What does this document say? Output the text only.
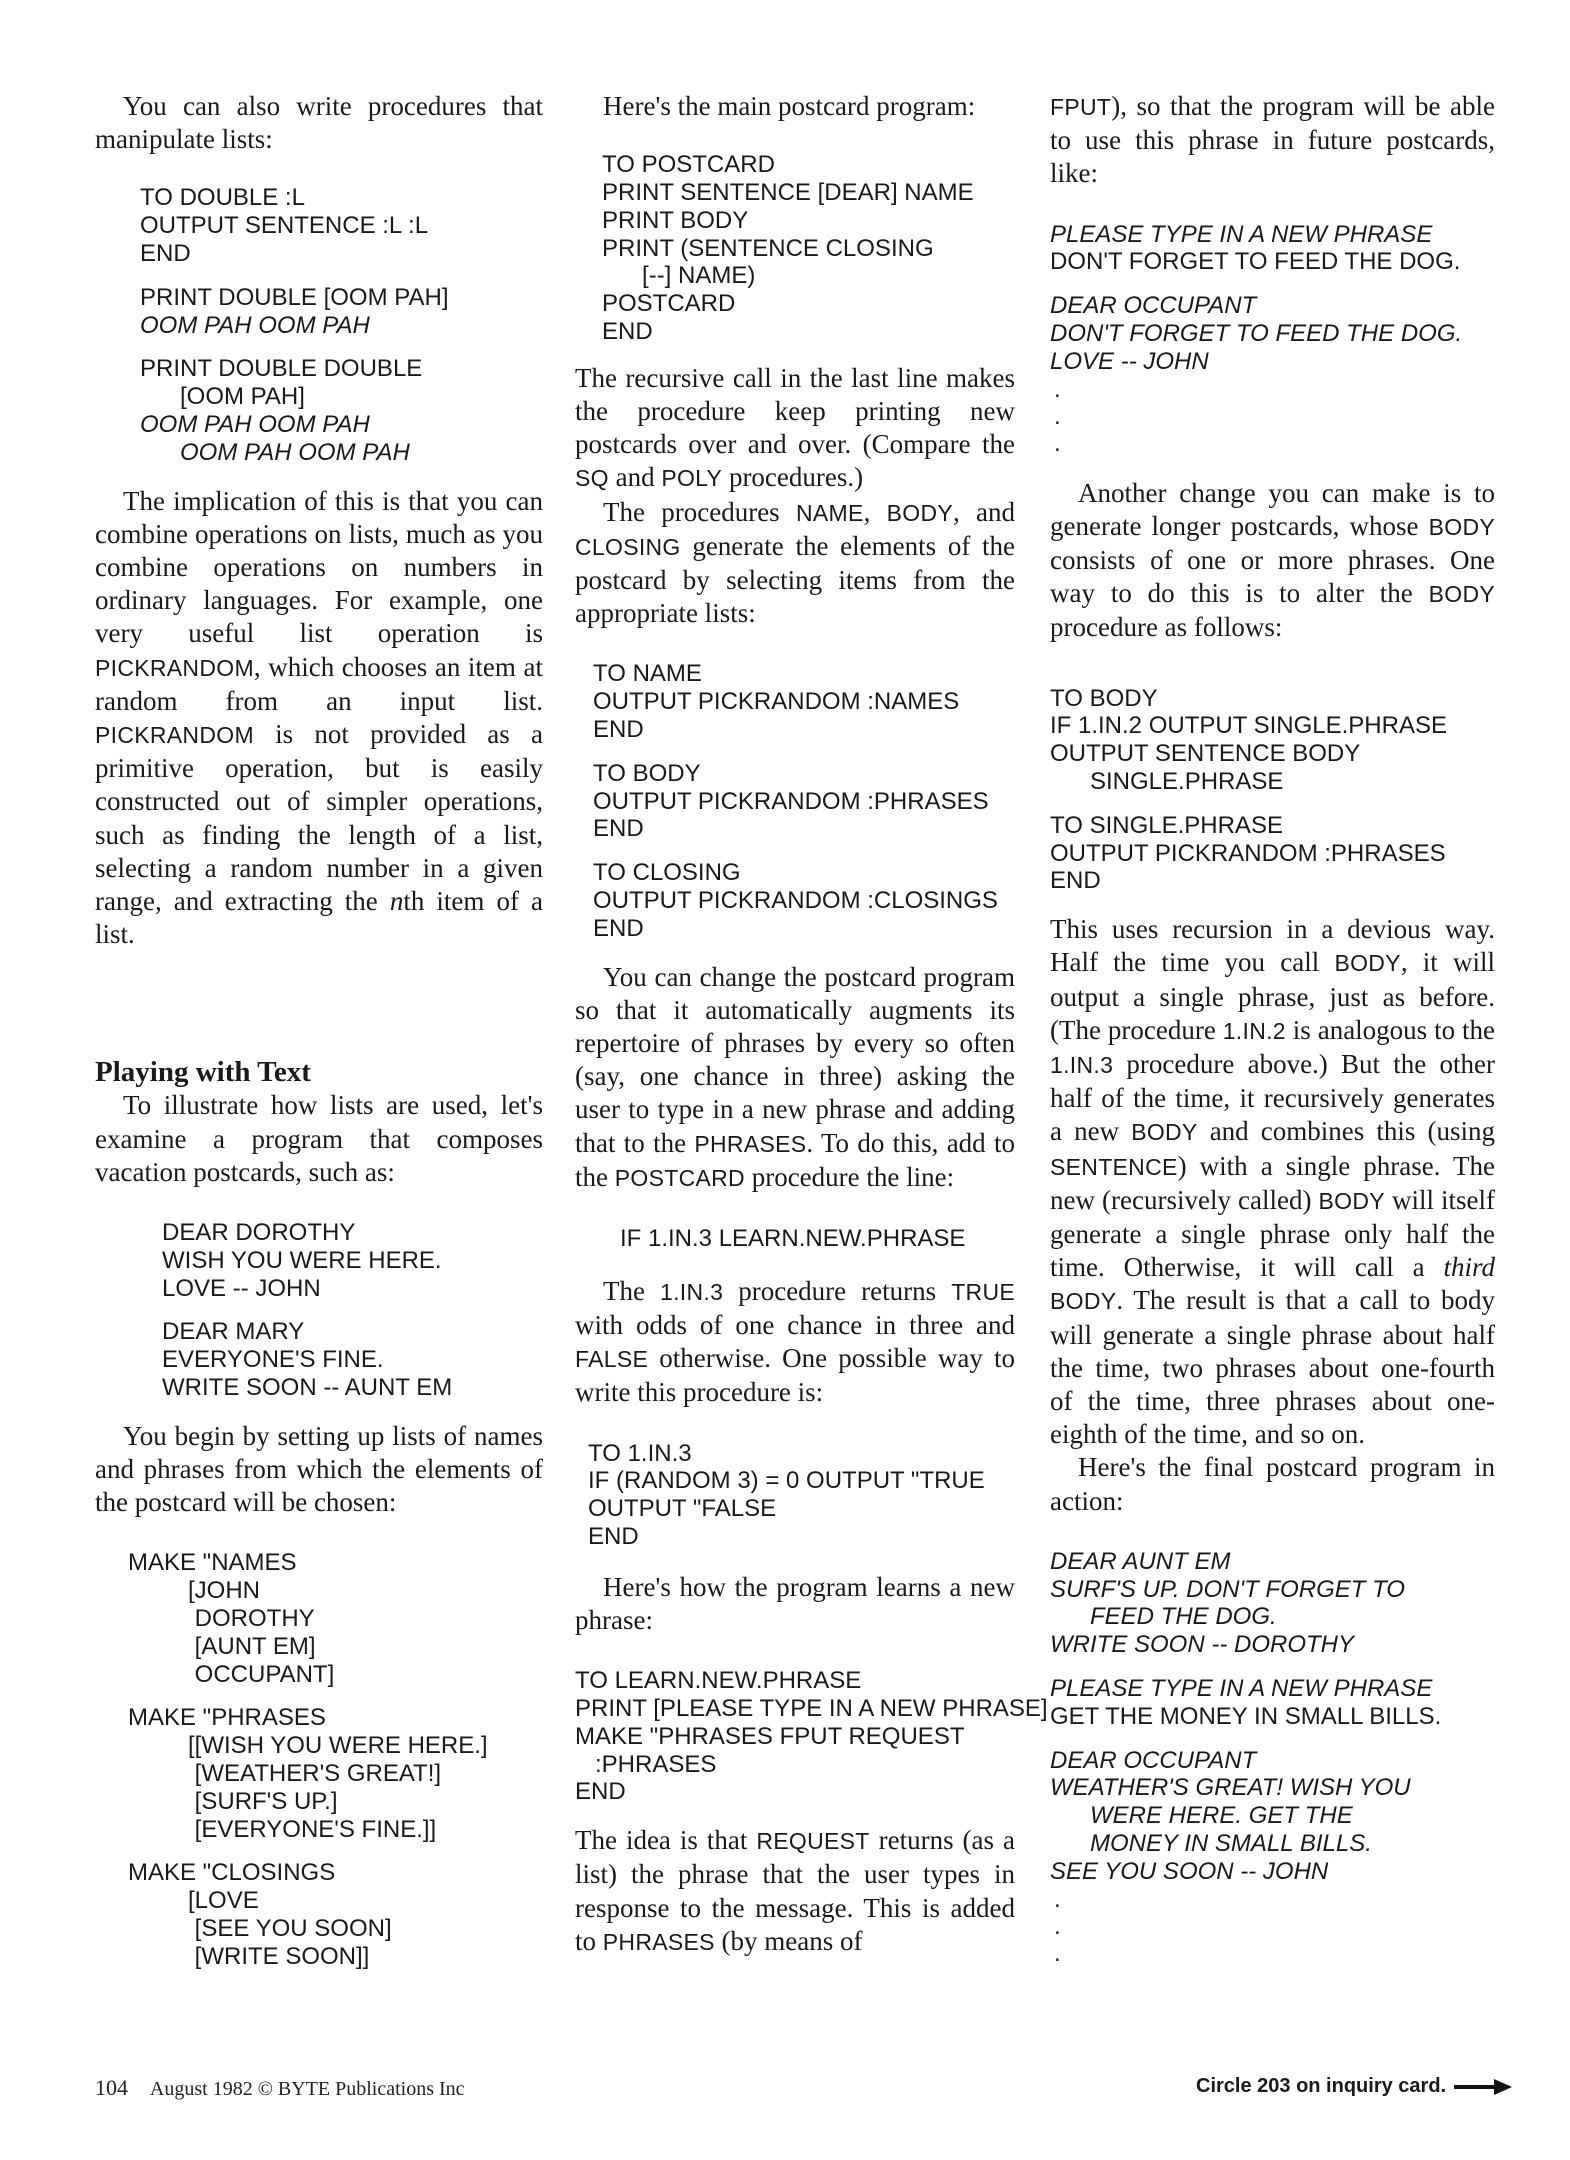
You can also write procedures that manipulate lists:

TO DOUBLE :L
OUTPUT SENTENCE :L :L
END
PRINT DOUBLE [OOM PAH]
OOM PAH OOM PAH
PRINT DOUBLE DOUBLE
[OOM PAH]
OOM PAH OOM PAH
OOM PAH OOM PAH

The implication of this is that you can combine operations on lists, much as you combine operations on numbers in ordinary languages. For example, one very useful list operation is PICKRANDOM, which chooses an item at random from an input list. PICKRANDOM is not provided as a primitive operation, but is easily constructed out of simpler operations, such as finding the length of a list, selecting a random number in a given range, and extracting the nth item of a list.

Playing with Text

To illustrate how lists are used, let's examine a program that composes vacation postcards, such as:

DEAR DOROTHY
WISH YOU WERE HERE.
LOVE -- JOHN
DEAR MARY
EVERYONE'S FINE.
WRITE SOON -- AUNT EM

You begin by setting up lists of names and phrases from which the elements of the postcard will be chosen:

MAKE "NAMES
[JOHN
DOROTHY
[AUNT EM]
OCCUPANT]
MAKE "PHRASES
[[WISH YOU WERE HERE.]
[WEATHER'S GREAT!]
[SURF'S UP.]
[EVERYONE'S FINE.]]
MAKE "CLOSINGS
[LOVE
[SEE YOU SOON]
[WRITE SOON]]

Here's the main postcard program:

TO POSTCARD
PRINT SENTENCE [DEAR] NAME
PRINT BODY
PRINT (SENTENCE CLOSING
[--] NAME)
POSTCARD
END

The recursive call in the last line makes the procedure keep printing new postcards over and over. (Compare the SQ and POLY procedures.)

The procedures NAME, BODY, and CLOSING generate the elements of the postcard by selecting items from the appropriate lists:

TO NAME
OUTPUT PICKRANDOM :NAMES
END
TO BODY
OUTPUT PICKRANDOM :PHRASES
END
TO CLOSING
OUTPUT PICKRANDOM :CLOSINGS
END

You can change the postcard program so that it automatically augments its repertoire of phrases by every so often (say, one chance in three) asking the user to type in a new phrase and adding that to the PHRASES. To do this, add to the POSTCARD procedure the line:

IF 1.IN.3 LEARN.NEW.PHRASE

The 1.IN.3 procedure returns TRUE with odds of one chance in three and FALSE otherwise. One possible way to write this procedure is:

TO 1.IN.3
IF (RANDOM 3) = 0 OUTPUT "TRUE
OUTPUT "FALSE
END

Here's how the program learns a new phrase:

TO LEARN.NEW.PHRASE
PRINT [PLEASE TYPE IN A NEW PHRASE]
MAKE "PHRASES FPUT REQUEST
:PHRASES
END

The idea is that REQUEST returns (as a list) the phrase that the user types in response to the message. This is added to PHRASES (by means of

FPUT), so that the program will be able to use this phrase in future postcards, like:

PLEASE TYPE IN A NEW PHRASE
DON'T FORGET TO FEED THE DOG.
DEAR OCCUPANT
DON'T FORGET TO FEED THE DOG.
LOVE -- JOHN

.

.

.

Another change you can make is to generate longer postcards, whose BODY consists of one or more phrases. One way to do this is to alter the BODY procedure as follows:

TO BODY
IF 1.IN.2 OUTPUT SINGLE.PHRASE
OUTPUT SENTENCE BODY
SINGLE.PHRASE
TO SINGLE.PHRASE
OUTPUT PICKRANDOM :PHRASES
END

This uses recursion in a devious way. Half the time you call BODY, it will output a single phrase, just as before. (The procedure 1.IN.2 is analogous to the 1.IN.3 procedure above.) But the other half of the time, it recursively generates a new BODY and combines this (using SENTENCE) with a single phrase. The new (recursively called) BODY will itself generate a single phrase only half the time. Otherwise, it will call a third BODY. The result is that a call to body will generate a single phrase about half the time, two phrases about one-fourth of the time, three phrases about one-eighth of the time, and so on.

Here's the final postcard program in action:

DEAR AUNT EM
SURF'S UP. DON'T FORGET TO
FEED THE DOG.
WRITE SOON -- DOROTHY
PLEASE TYPE IN A NEW PHRASE
GET THE MONEY IN SMALL BILLS.
DEAR OCCUPANT
WEATHER'S GREAT! WISH YOU
WERE HERE. GET THE
MONEY IN SMALL BILLS.
SEE YOU SOON -- JOHN

.

.

.

104 August 1982 © BYTE Publications Inc	Circle 203 on inquiry card.
